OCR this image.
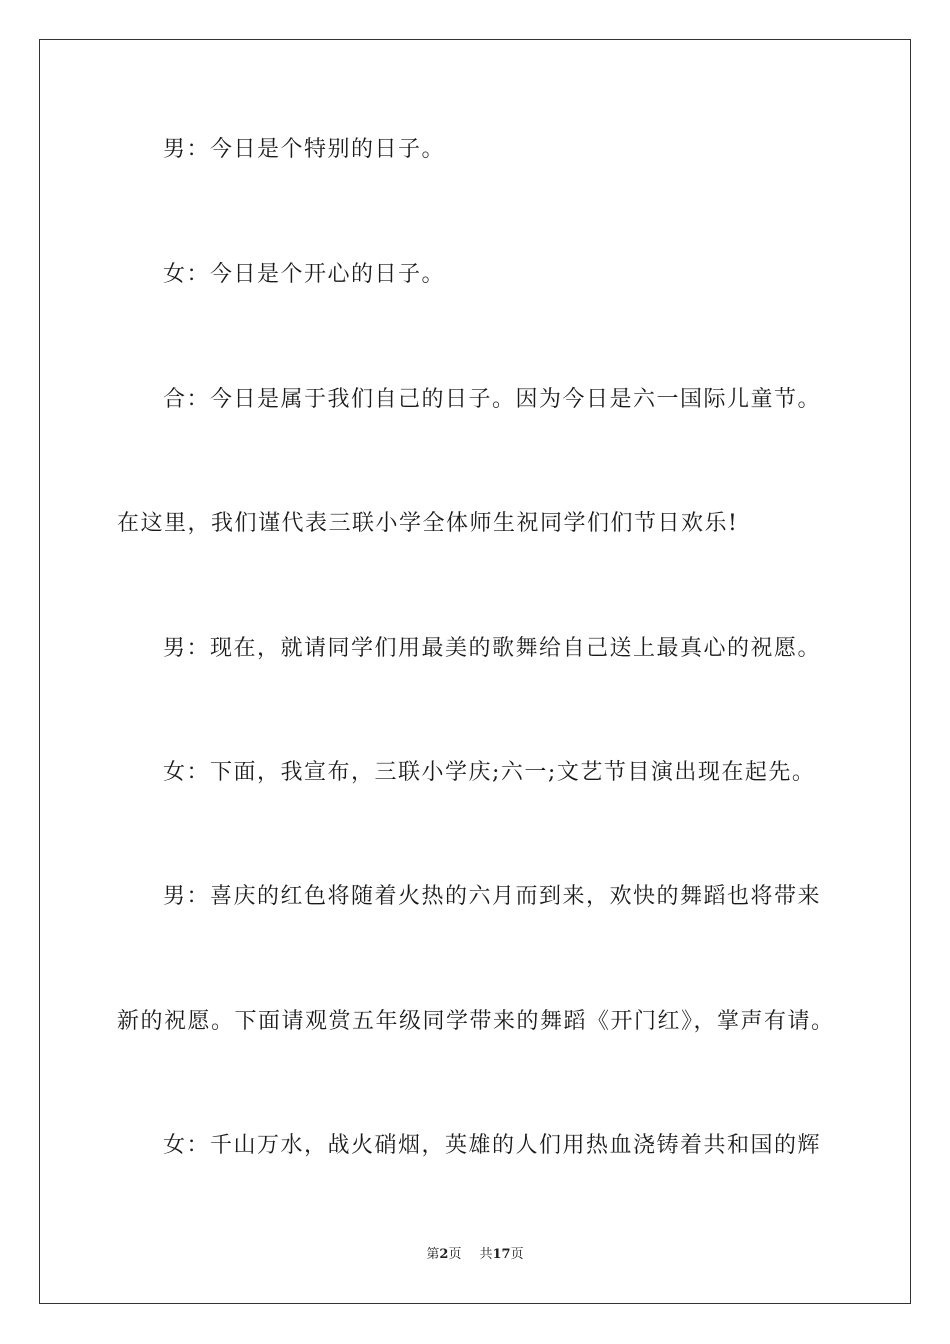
男：今日是个特别的日子。
女：今日是个开心的日子。
合：今日是属于我们自己的日子。因为今日是六一国际儿童节。
在这里，我们谨代表三联小学全体师生祝同学们们节日欢乐!
男：现在，就请同学们用最美的歌舞给自己送上最真心的祝愿。
女：下面，我宣布，三联小学庆;六一;文艺节目演出现在起先。
男：喜庆的红色将随着火热的六月而到来，欢快的舞蹈也将带来
新的祝愿。下面请观赏五年级同学带来的舞蹈《开门红》，掌声有请。
女：千山万水，战火硝烟，英雄的人们用热血浇铸着共和国的辉
第2页 共17页
